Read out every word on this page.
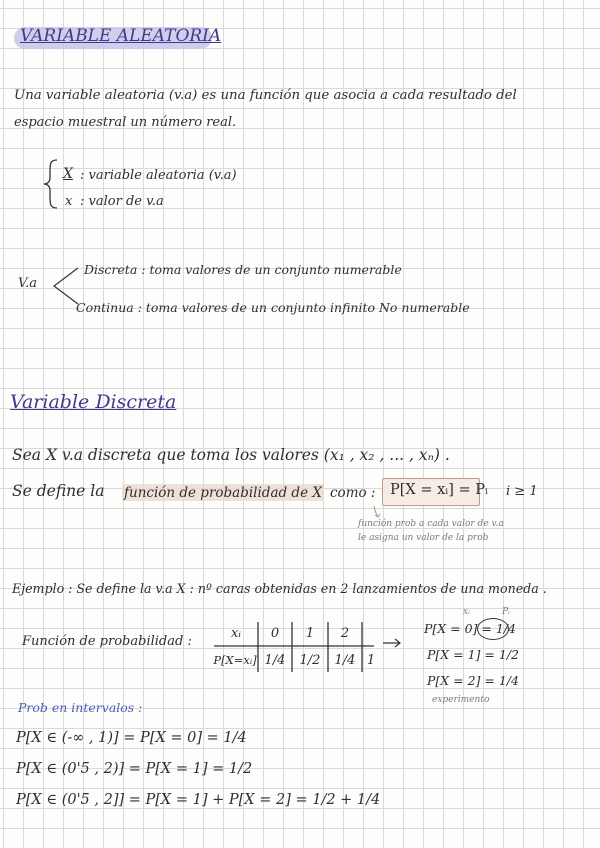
VARIABLE ALEATORIA
Una variable aleatoria (v.a) es una función que asocia a cada resultado del
espacio muestral un número real.
X : variable aleatoria (v.a)
x : valor de v.a
V.a
Discreta : toma valores de un conjunto numerable
Continua : toma valores de un conjunto infinito No numerable
Variable Discreta
Sea X v.a discreta que toma los valores (x₁ , x₂ , ... , xₙ) .
Se define la función de probabilidad de X como : P[X = xᵢ] = Pᵢ i ≥ 1
función prob a cada valor de v.a
le asigna un valor de la prob
Ejemplo : Se define la v.a X : nº caras obtenidas en 2 lanzamientos de una moneda .
Función de probabilidad :
xᵢ	0	1	2
P[X=xᵢ] 1/4	1/2	1/4 1
xᵢ	Pᵢ
P[X = 0] = 1/4
P[X = 1] = 1/2
P[X = 2] = 1/4
experimento
Prob en intervalos :
P[X ∈ (-∞ , 1)] = P[X = 0] = 1/4
P[X ∈ (0'5 , 2)] = P[X = 1] = 1/2
P[X ∈ (0'5 , 2]] = P[X = 1] + P[X = 2] = 1/2 + 1/4
